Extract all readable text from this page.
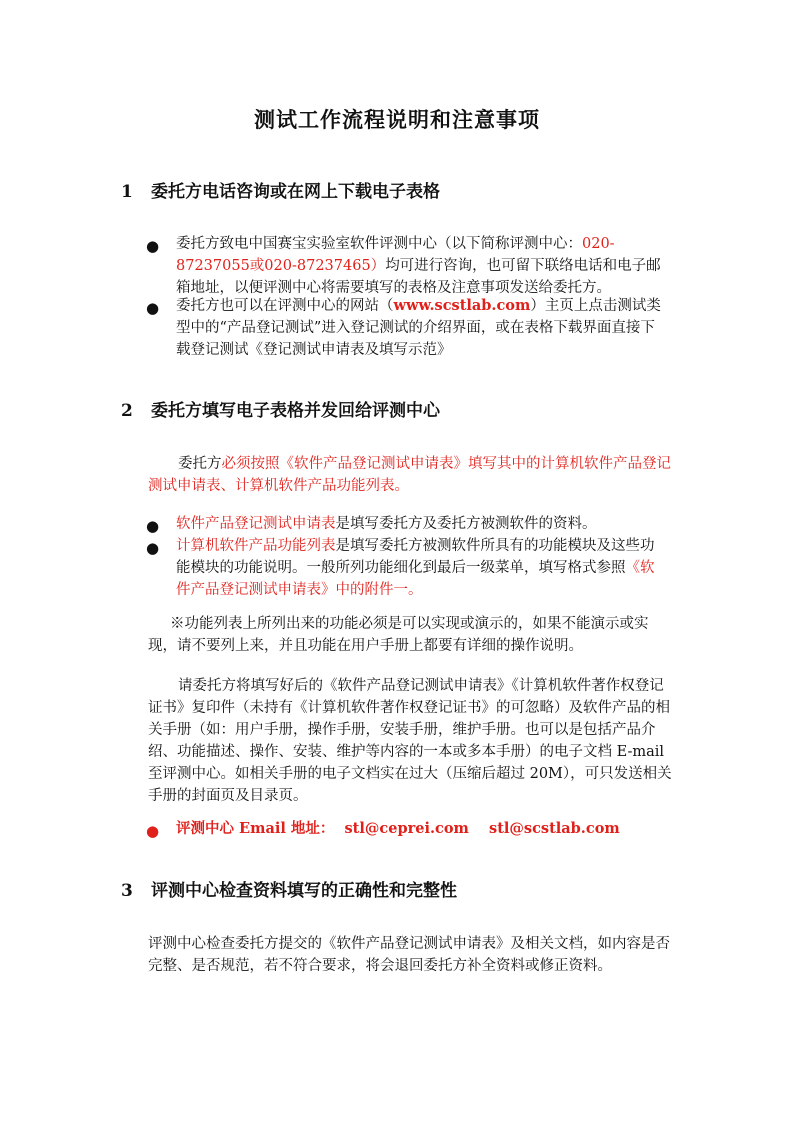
测试工作流程说明和注意事项
1 委托方电话咨询或在网上下载电子表格
● 委托方致电中国赛宝实验室软件评测中心（以下简称评测中心：020-87237055或020-87237465）均可进行咨询，也可留下联络电话和电子邮箱地址，以便评测中心将需要填写的表格及注意事项发送给委托方。
● 委托方也可以在评测中心的网站（www.scstlab.com）主页上点击测试类型中的“产品登记测试”进入登记测试的介绍界面，或在表格下载界面直接下载登记测试《登记测试申请表及填写示范》
2 委托方填写电子表格并发回给评测中心
委托方必须按照《软件产品登记测试申请表》填写其中的计算机软件产品登记测试申请表、计算机软件产品功能列表。
● 软件产品登记测试申请表是填写委托方及委托方被测软件的资料。
● 计算机软件产品功能列表是填写委托方被测软件所具有的功能模块及这些功能模块的功能说明。一般所列功能细化到最后一级菜单，填写格式参照《软件产品登记测试申请表》中的附件一。
※功能列表上所列出来的功能必须是可以实现或演示的，如果不能演示或实现，请不要列上来，并且功能在用户手册上都要有详细的操作说明。
请委托方将填写好后的《软件产品登记测试申请表》《计算机软件著作权登记证书》复印件（未持有《计算机软件著作权登记证书》的可忽略）及软件产品的相关手册（如：用户手册，操作手册，安装手册，维护手册。也可以是包括产品介绍、功能描述、操作、安装、维护等内容的一本或多本手册）的电子文档 E-mail 至评测中心。如相关手册的电子文档实在过大（压缩后超过 20M），可只发送相关手册的封面页及目录页。
● 评测中心 Email 地址： stl@ceprei.com stl@scstlab.com
3 评测中心检查资料填写的正确性和完整性
评测中心检查委托方提交的《软件产品登记测试申请表》及相关文档，如内容是否完整、是否规范，若不符合要求，将会退回委托方补全资料或修正资料。
